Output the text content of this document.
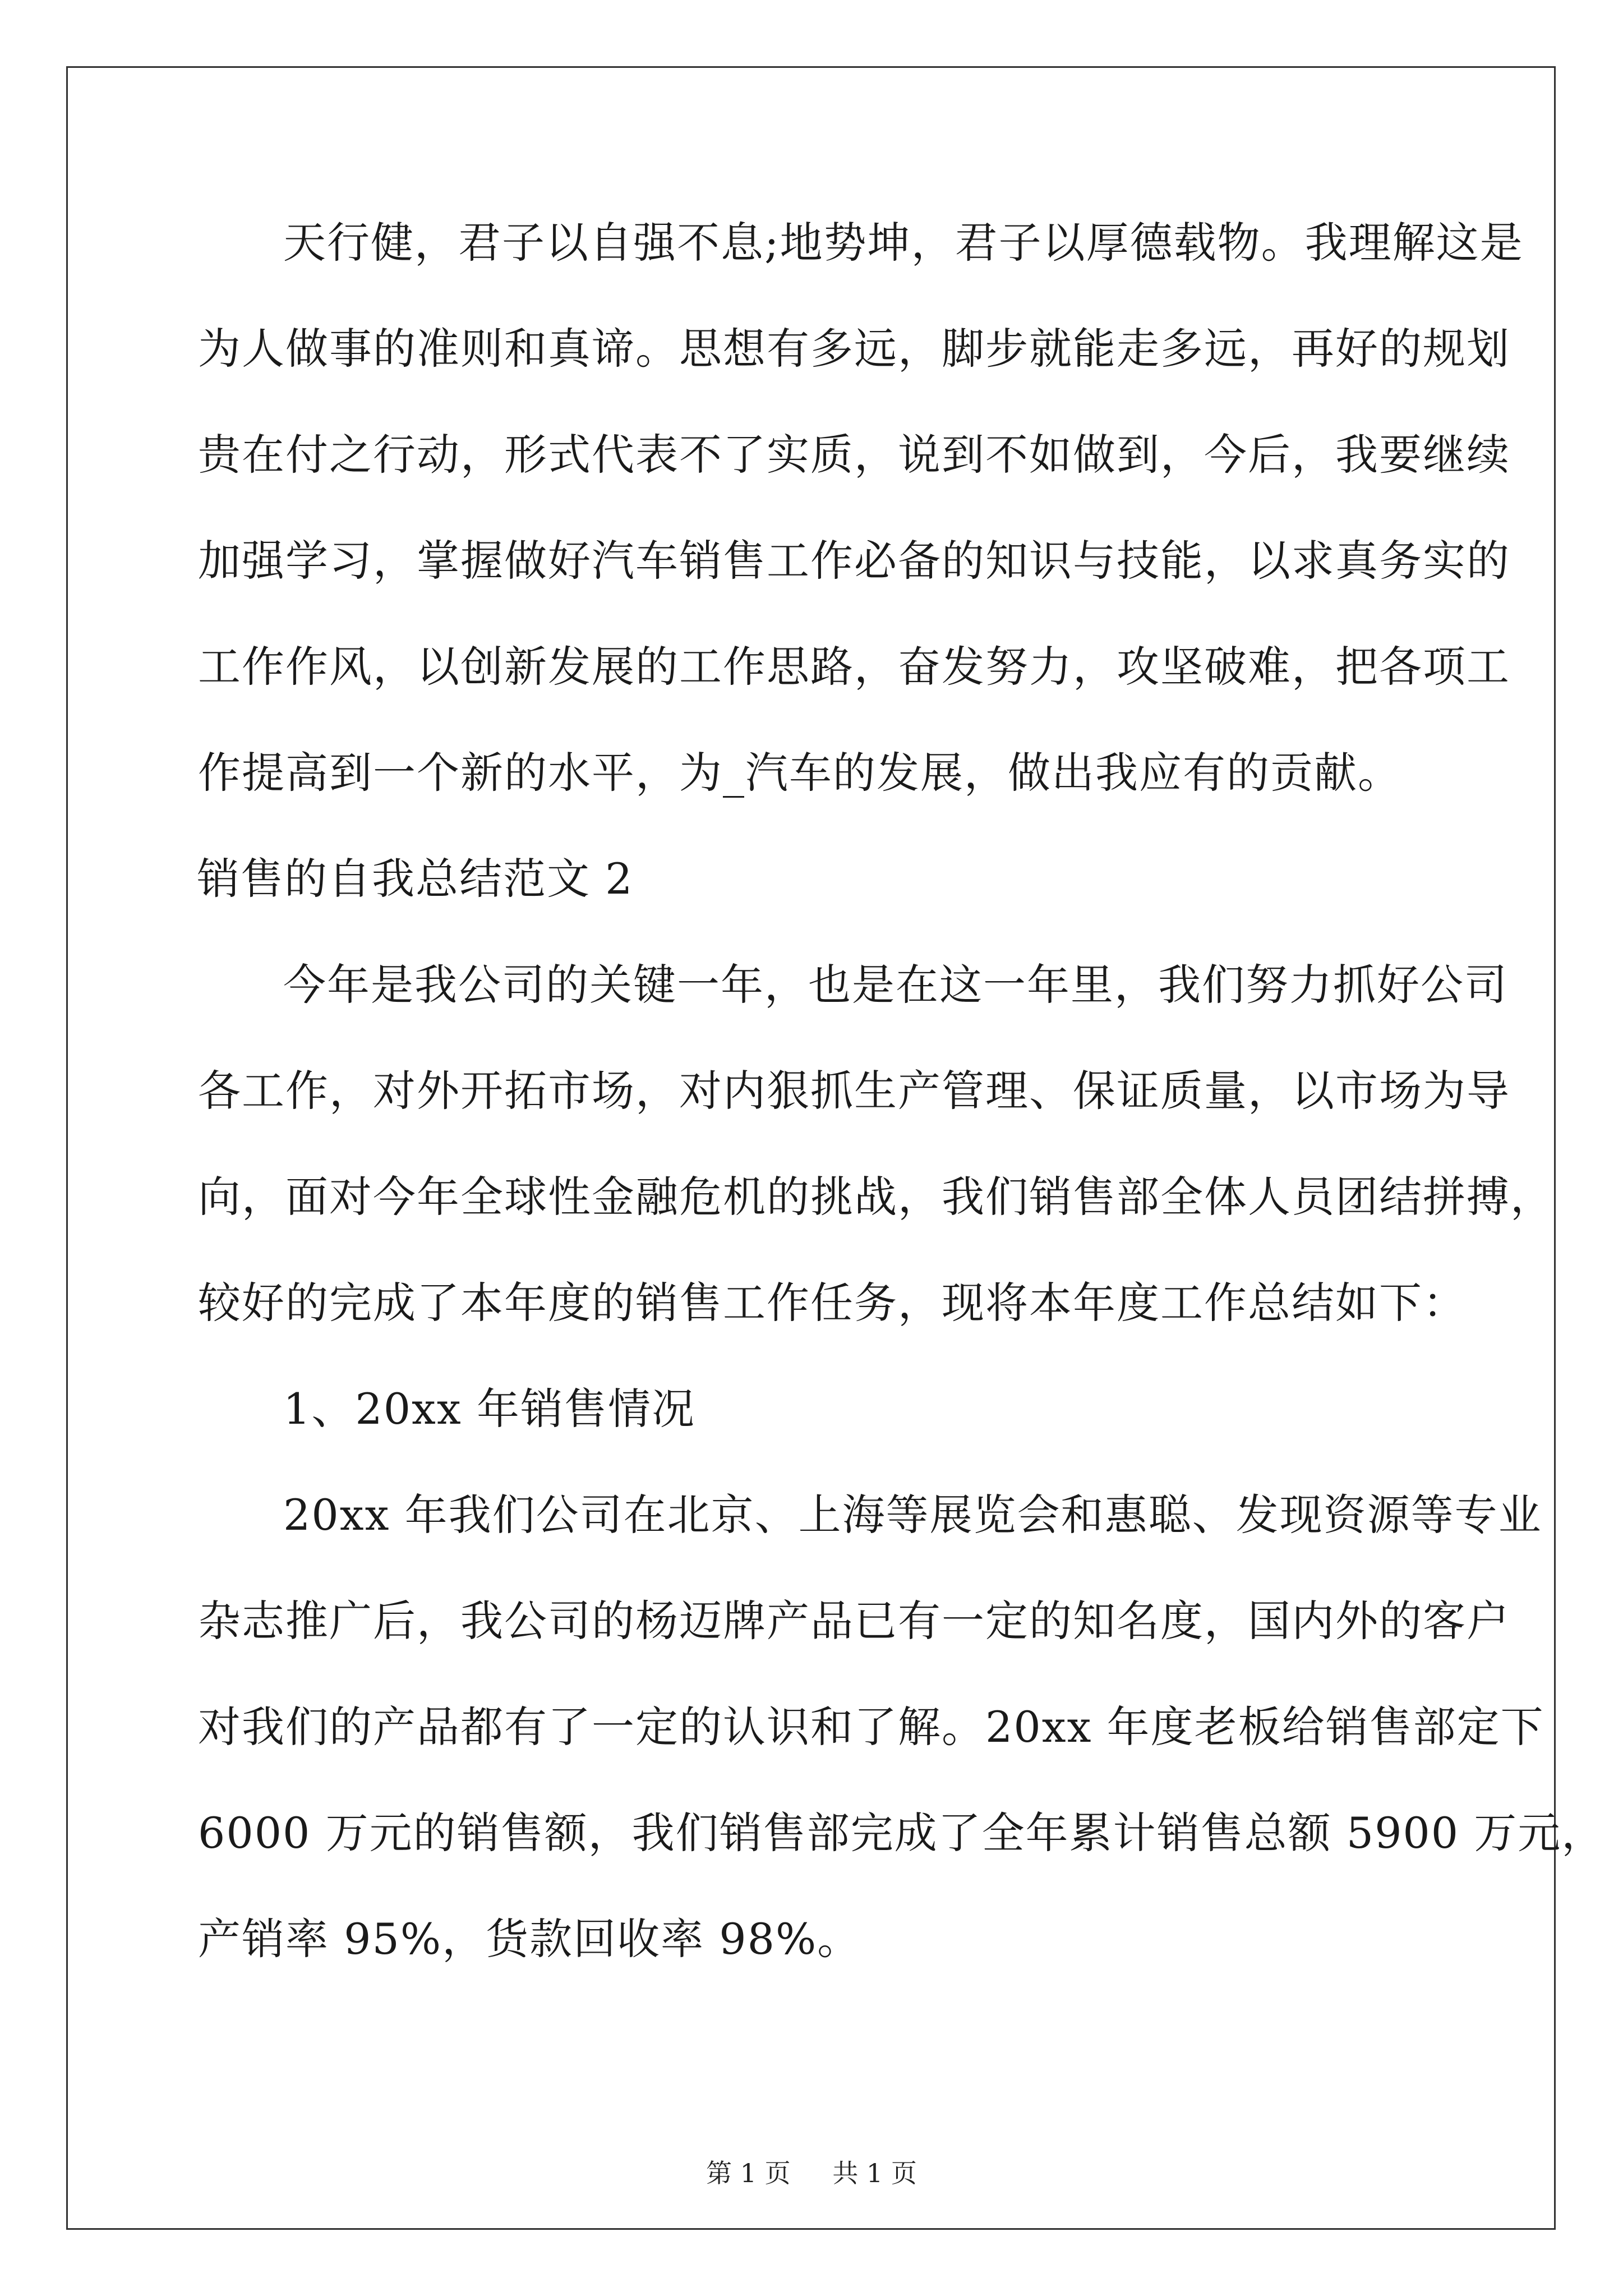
天行健，君子以自强不息;地势坤，君子以厚德载物。我理解这是
为人做事的准则和真谛。思想有多远，脚步就能走多远，再好的规划
贵在付之行动，形式代表不了实质，说到不如做到，今后，我要继续
加强学习，掌握做好汽车销售工作必备的知识与技能，以求真务实的
工作作风，以创新发展的工作思路，奋发努力，攻坚破难，把各项工
作提高到一个新的水平，为_汽车的发展，做出我应有的贡献。
销售的自我总结范文 2
今年是我公司的关键一年，也是在这一年里，我们努力抓好公司
各工作，对外开拓市场，对内狠抓生产管理、保证质量，以市场为导
向，面对今年全球性金融危机的挑战，我们销售部全体人员团结拼搏，
较好的完成了本年度的销售工作任务，现将本年度工作总结如下：
1、20xx 年销售情况
20xx 年我们公司在北京、上海等展览会和惠聪、发现资源等专业
杂志推广后，我公司的杨迈牌产品已有一定的知名度，国内外的客户
对我们的产品都有了一定的认识和了解。20xx 年度老板给销售部定下
6000 万元的销售额，我们销售部完成了全年累计销售总额 5900 万元，
产销率 95%，货款回收率 98%。
第 1 页 共 1 页
